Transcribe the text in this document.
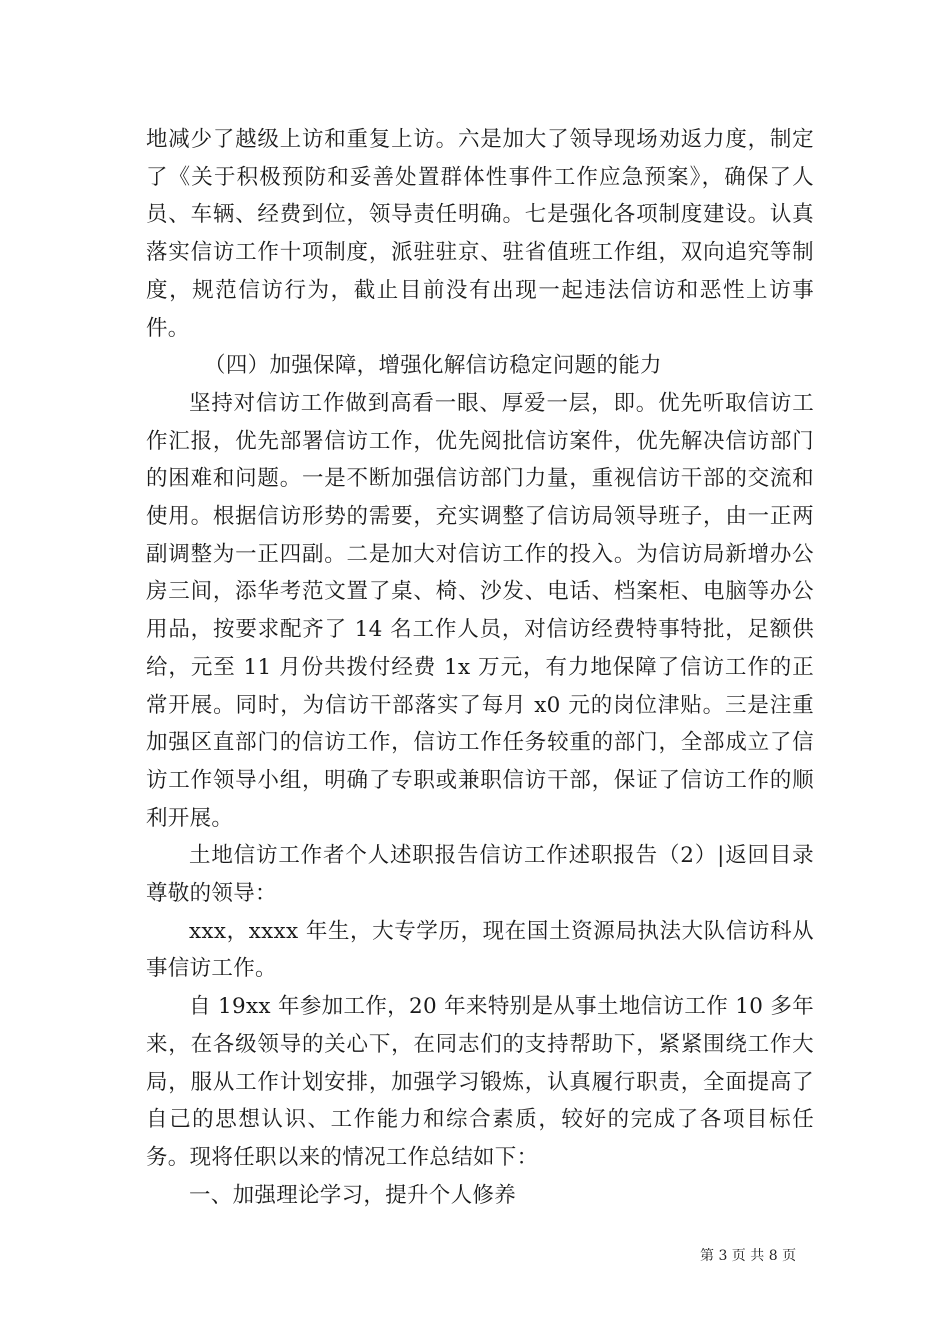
地减少了越级上访和重复上访。六是加大了领导现场劝返力度，制定了《关于积极预防和妥善处置群体性事件工作应急预案》，确保了人员、车辆、经费到位，领导责任明确。七是强化各项制度建设。认真落实信访工作十项制度，派驻驻京、驻省值班工作组，双向追究等制度，规范信访行为，截止目前没有出现一起违法信访和恶性上访事件。

（四）加强保障，增强化解信访稳定问题的能力

坚持对信访工作做到高看一眼、厚爱一层，即。优先听取信访工作汇报，优先部署信访工作，优先阅批信访案件，优先解决信访部门的困难和问题。一是不断加强信访部门力量，重视信访干部的交流和使用。根据信访形势的需要，充实调整了信访局领导班子，由一正两副调整为一正四副。二是加大对信访工作的投入。为信访局新增办公房三间，添华考范文置了桌、椅、沙发、电话、档案柜、电脑等办公用品，按要求配齐了 14 名工作人员，对信访经费特事特批，足额供给，元至 11 月份共拨付经费 1x 万元，有力地保障了信访工作的正常开展。同时，为信访干部落实了每月 x0 元的岗位津贴。三是注重加强区直部门的信访工作，信访工作任务较重的部门，全部成立了信访工作领导小组，明确了专职或兼职信访干部，保证了信访工作的顺利开展。

土地信访工作者个人述职报告信访工作述职报告（2）|返回目录尊敬的领导：

xxx，xxxx 年生，大专学历，现在国土资源局执法大队信访科从事信访工作。

自 19xx 年参加工作，20 年来特别是从事土地信访工作 10 多年来，在各级领导的关心下，在同志们的支持帮助下，紧紧围绕工作大局，服从工作计划安排，加强学习锻炼，认真履行职责，全面提高了自己的思想认识、工作能力和综合素质，较好的完成了各项目标任务。现将任职以来的情况工作总结如下：

一、加强理论学习，提升个人修养

第 3 页 共 8 页
